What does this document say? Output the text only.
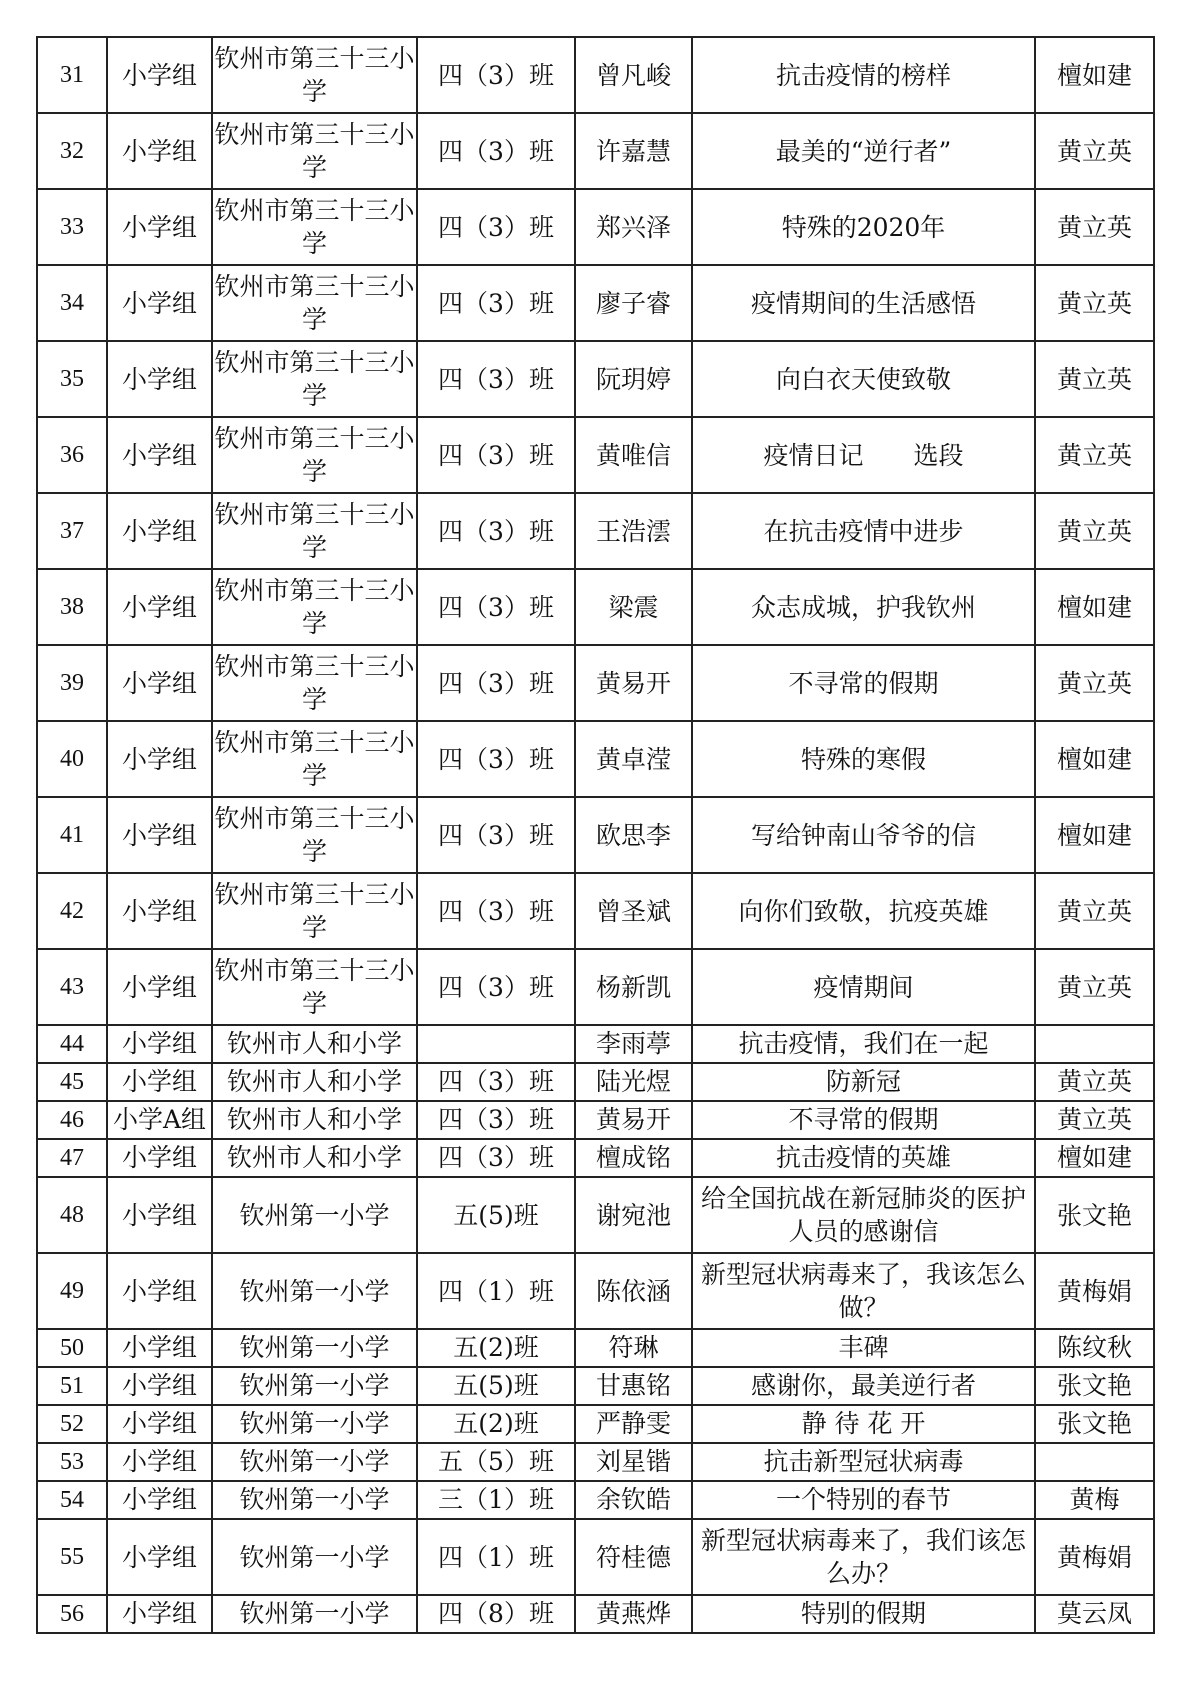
31	小学组	钦州市第三十三小学	四（3）班	曾凡峻	抗击疫情的榜样	檀如建
32	小学组	钦州市第三十三小学	四（3）班	许嘉慧	最美的“逆行者”	黄立英
33	小学组	钦州市第三十三小学	四（3）班	郑兴泽	特殊的2020年	黄立英
34	小学组	钦州市第三十三小学	四（3）班	廖子睿	疫情期间的生活感悟	黄立英
35	小学组	钦州市第三十三小学	四（3）班	阮玥婷	向白衣天使致敬	黄立英
36	小学组	钦州市第三十三小学	四（3）班	黄唯信	疫情日记　　选段	黄立英
37	小学组	钦州市第三十三小学	四（3）班	王浩澐	在抗击疫情中进步	黄立英
38	小学组	钦州市第三十三小学	四（3）班	梁震	众志成城，护我钦州	檀如建
39	小学组	钦州市第三十三小学	四（3）班	黄易开	不寻常的假期	黄立英
40	小学组	钦州市第三十三小学	四（3）班	黄卓滢	特殊的寒假	檀如建
41	小学组	钦州市第三十三小学	四（3）班	欧思李	写给钟南山爷爷的信	檀如建
42	小学组	钦州市第三十三小学	四（3）班	曾圣斌	向你们致敬，抗疫英雄	黄立英
43	小学组	钦州市第三十三小学	四（3）班	杨新凯	疫情期间	黄立英
44	小学组	钦州市人和小学		李雨葶	抗击疫情，我们在一起	
45	小学组	钦州市人和小学	四（3）班	陆光煜	防新冠	黄立英
46	小学A组	钦州市人和小学	四（3）班	黄易开	不寻常的假期	黄立英
47	小学组	钦州市人和小学	四（3）班	檀成铭	抗击疫情的英雄	檀如建
48	小学组	钦州第一小学	五(5)班	谢宛池	给全国抗战在新冠肺炎的医护人员的感谢信	张文艳
49	小学组	钦州第一小学	四（1）班	陈依涵	新型冠状病毒来了，我该怎么做？	黄梅娟
50	小学组	钦州第一小学	五(2)班	符琳	丰碑	陈纹秋
51	小学组	钦州第一小学	五(5)班	甘惠铭	感谢你，最美逆行者	张文艳
52	小学组	钦州第一小学	五(2)班	严静雯	静 待 花 开	张文艳
53	小学组	钦州第一小学	五（5）班	刘星锴	抗击新型冠状病毒	
54	小学组	钦州第一小学	三（1）班	余钦皓	一个特别的春节	黄梅
55	小学组	钦州第一小学	四（1）班	符桂德	新型冠状病毒来了，我们该怎么办？	黄梅娟
56	小学组	钦州第一小学	四（8）班	黄燕烨	特别的假期	莫云凤
